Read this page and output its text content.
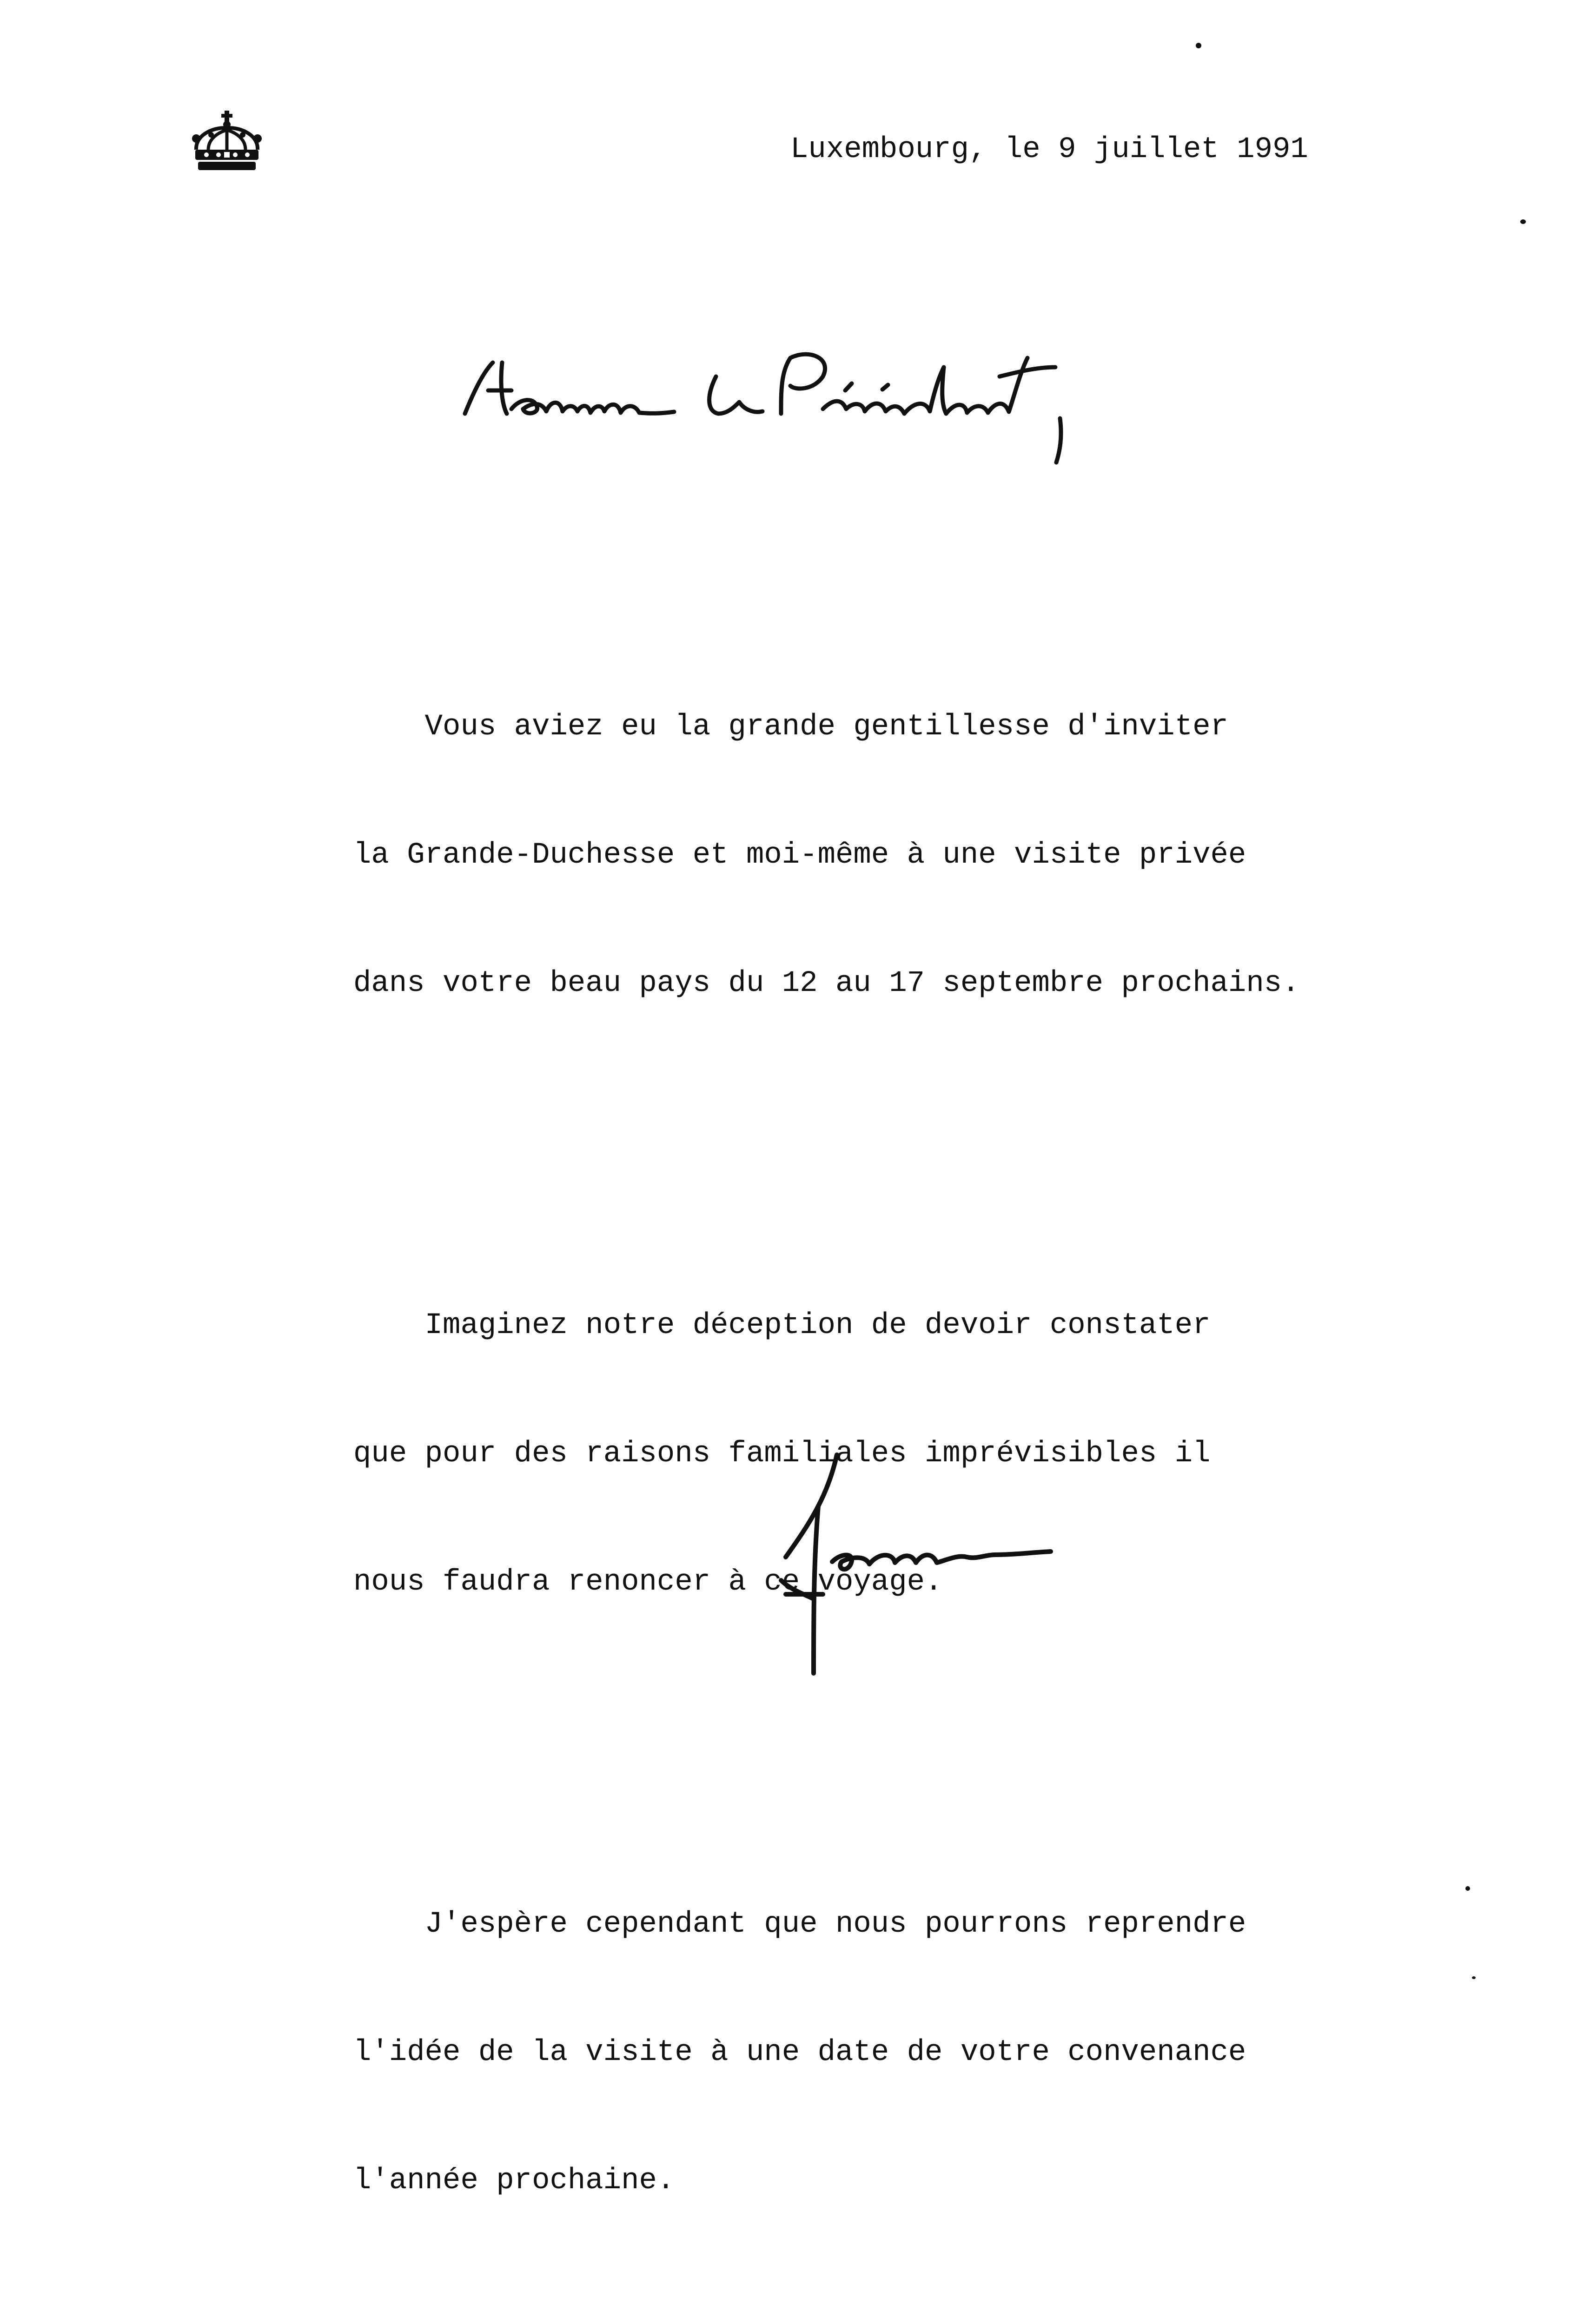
Luxembourg, le 9 juillet 1991

Vous aviez eu la grande gentillesse d'inviter

la Grande-Duchesse et moi-même à une visite privée

dans votre beau pays du 12 au 17 septembre prochains.

Imaginez notre déception de devoir constater

que pour des raisons familiales imprévisibles il

nous faudra renoncer à ce voyage.

J'espère cependant que nous pourrons reprendre

l'idée de la visite à une date de votre convenance

l'année prochaine.
